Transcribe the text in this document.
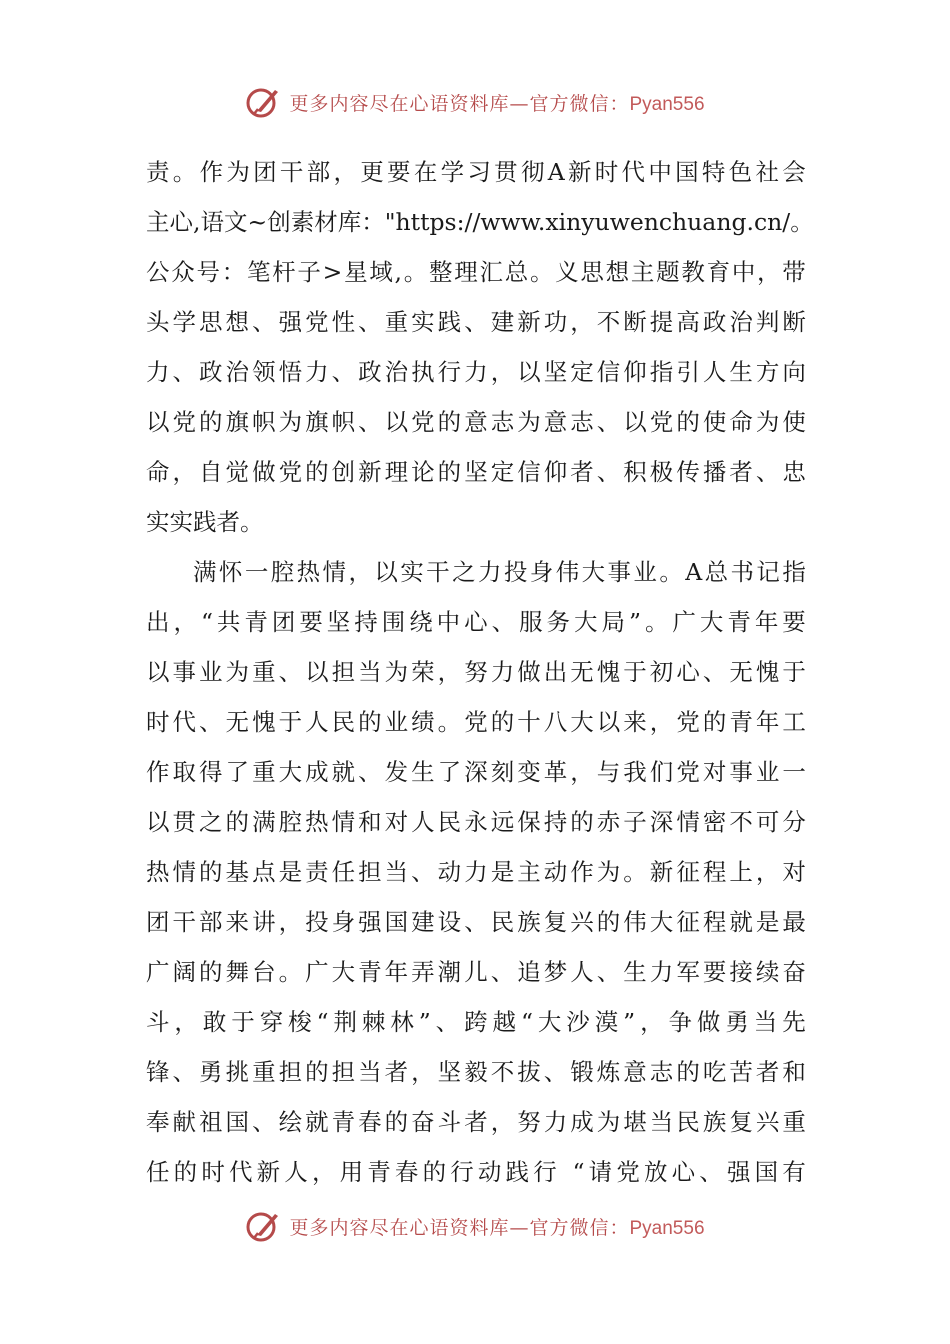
更多内容尽在心语资料库—官方微信：Pyan556
责 。 作 为 团 干 部 ， 更 要 在 学 习 贯 彻 A 新 时 代 中 国 特 色 社 会
主 心 , 语 文 ~ 创 素 材 库 ： "https://www.xinyuwenchuang.cn/ 。
公 众 号 ： 笔 杆 子 > 星 域 , 。 整 理 汇 总 。 义 思 想 主 题 教 育 中 ， 带
头 学 思 想 、 强 党 性 、 重 实 践 、 建 新 功 ， 不 断 提 高 政 治 判 断
力 、 政 治 领 悟 力 、 政 治 执 行 力 ， 以 坚 定 信 仰 指 引 人 生 方 向
以 党 的 旗 帜 为 旗 帜 、 以 党 的 意 志 为 意 志 、 以 党 的 使 命 为 使
命 ， 自 觉 做 党 的 创 新 理 论 的 坚 定 信 仰 者 、 积 极 传 播 者 、 忠
实 实 践 者 。
满 怀 一 腔 热 情 ， 以 实 干 之 力 投 身 伟 大 事 业 。 A 总 书 记 指
出 ， “ 共 青 团 要 坚 持 围 绕 中 心 、 服 务 大 局 ” 。 广 大 青 年 要
以 事 业 为 重 、 以 担 当 为 荣 ， 努 力 做 出 无 愧 于 初 心 、 无 愧 于
时 代 、 无 愧 于 人 民 的 业 绩 。 党 的 十 八 大 以 来 ， 党 的 青 年 工
作 取 得 了 重 大 成 就 、 发 生 了 深 刻 变 革 ， 与 我 们 党 对 事 业 一
以 贯 之 的 满 腔 热 情 和 对 人 民 永 远 保 持 的 赤 子 深 情 密 不 可 分
热 情 的 基 点 是 责 任 担 当 、 动 力 是 主 动 作 为 。 新 征 程 上 ， 对
团 干 部 来 讲 ， 投 身 强 国 建 设 、 民 族 复 兴 的 伟 大 征 程 就 是 最
广 阔 的 舞 台 。 广 大 青 年 弄 潮 儿 、 追 梦 人 、 生 力 军 要 接 续 奋
斗 ， 敢 于 穿 梭 “ 荆 棘 林 ” 、 跨 越 “ 大 沙 漠 ” ， 争 做 勇 当 先
锋 、 勇 挑 重 担 的 担 当 者 ， 坚 毅 不 拔 、 锻 炼 意 志 的 吃 苦 者 和
奉 献 祖 国 、 绘 就 青 春 的 奋 斗 者 ， 努 力 成 为 堪 当 民 族 复 兴 重
任 的 时 代 新 人 ， 用 青 春 的 行 动 践 行
“ 请 党 放 心 、 强 国 有
更多内容尽在心语资料库—官方微信：Pyan556
